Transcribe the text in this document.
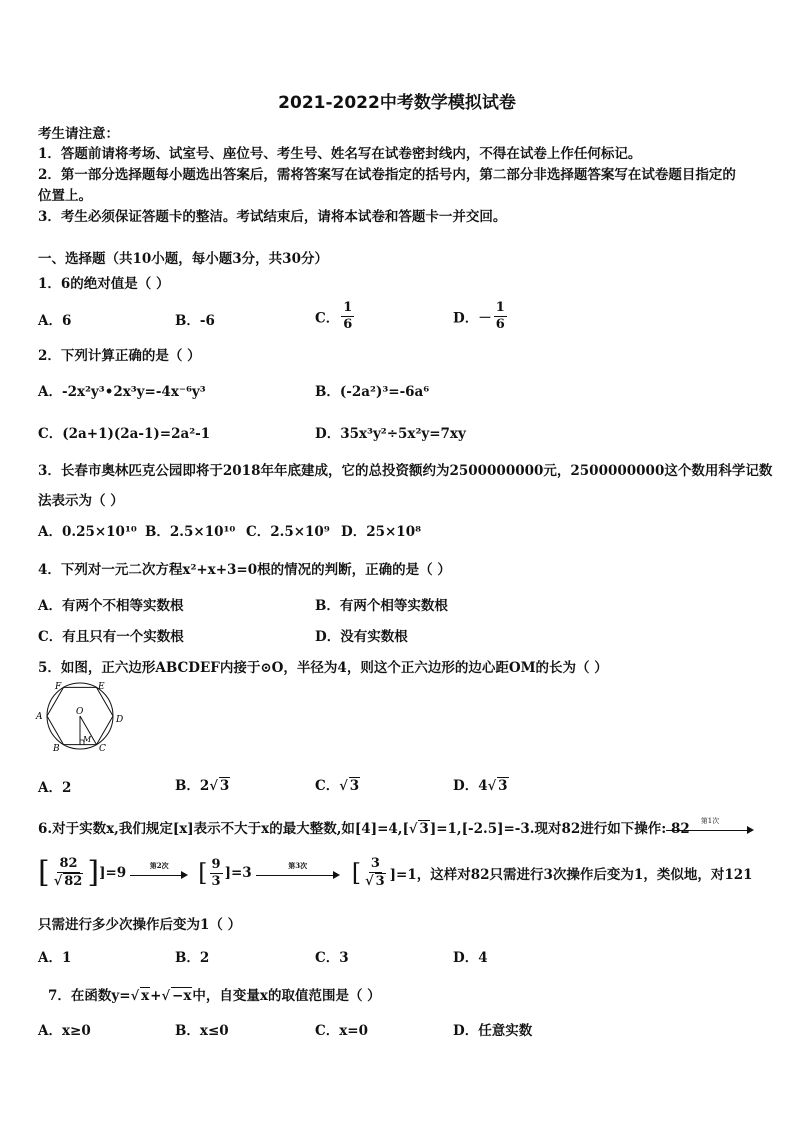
2021-2022中考数学模拟试卷
考生请注意：
1．答题前请将考场、试室号、座位号、考生号、姓名写在试卷密封线内，不得在试卷上作任何标记。
2．第一部分选择题每小题选出答案后，需将答案写在试卷指定的括号内，第二部分非选择题答案写在试卷题目指定的
位置上。
3．考生必须保证答题卡的整洁。考试结束后，请将本试卷和答题卡一并交回。
一、选择题（共10小题，每小题3分，共30分）
1．6的绝对值是（ ）
A．6	B．-6	C． $\frac{1}{6}$	D．－ $\frac{1}{6}$
2．下列计算正确的是（ ）
A．-2x²y³•2x³y=-4x⁻⁶y³	B．(-2a²)³=-6a⁶
C．(2a+1)(2a-1)=2a²-1	D．35x³y²÷5x²y=7xy
3．长春市奥林匹克公园即将于2018年年底建成，它的总投资额约为2500000000元，2500000000这个数用科学记数
法表示为（ ）
A．0.25×10¹⁰ B．2.5×10¹⁰ C．2.5×10⁹ D．25×10⁸
4．下列对一元二次方程x²+x+3=0根的情况的判断，正确的是（ ）
A．有两个不相等实数根	B．有两个相等实数根
C．有且只有一个实数根	D．没有实数根
5．如图，正六边形ABCDEF内接于⊙O，半径为4，则这个正六边形的边心距OM的长为（ ）
A
B	C
D
E
F
O
M
A．2	B．2√ 3	C．√ 3	D．4√ 3
6.对于实数x,我们规定[x]表示不大于x的最大整数,如[4]=4,[√ 3]=1,[-2.5]=-3.现对82进行如下操作: 82
第1次
[ $\frac{82}{√ 82}$ ] ]=9	第2次	[ $\frac{9}{3} ]=3$	第3次	[ $\frac{3}{√ 3} ]=1$，这样对82只需进行3次操作后变为1，类似地，对121
只需进行多少次操作后变为1（ ）
A．1	B．2	C．3	D．4
7．在函数y=√ x+√ −x中，自变量x的取值范围是（ ）
A．x≥0	B．x≤0	C．x=0	D．任意实数
